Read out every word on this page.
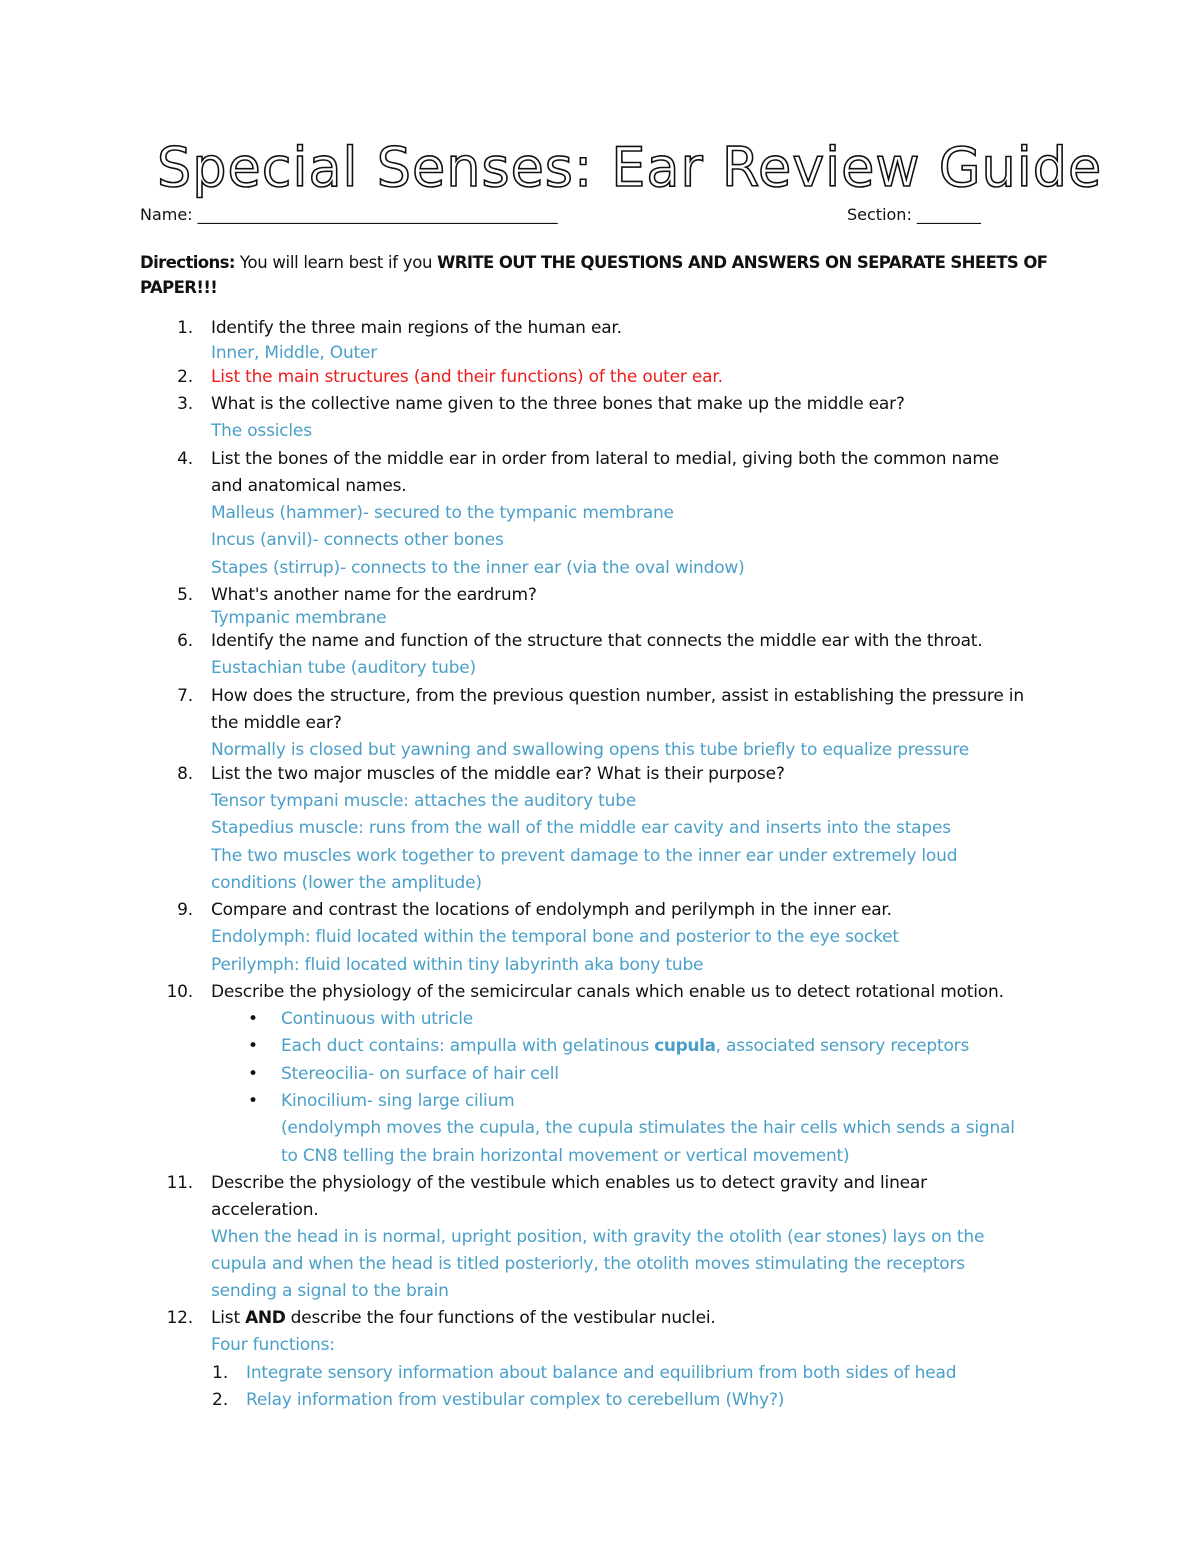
Special Senses: Ear Review Guide
Name: _____________________________________________	Section: ________
Directions: You will learn best if you WRITE OUT THE QUESTIONS AND ANSWERS ON SEPARATE SHEETS OF PAPER!!!
1. Identify the three main regions of the human ear.
Inner, Middle, Outer
2. List the main structures (and their functions) of the outer ear.
3. What is the collective name given to the three bones that make up the middle ear?
The ossicles
4. List the bones of the middle ear in order from lateral to medial, giving both the common name
and anatomical names.
Malleus (hammer)- secured to the tympanic membrane
Incus (anvil)- connects other bones
Stapes (stirrup)- connects to the inner ear (via the oval window)
5. What's another name for the eardrum?
Tympanic membrane
6. Identify the name and function of the structure that connects the middle ear with the throat.
Eustachian tube (auditory tube)
7. How does the structure, from the previous question number, assist in establishing the pressure in
the middle ear?
Normally is closed but yawning and swallowing opens this tube briefly to equalize pressure
8. List the two major muscles of the middle ear? What is their purpose?
Tensor tympani muscle: attaches the auditory tube
Stapedius muscle: runs from the wall of the middle ear cavity and inserts into the stapes
The two muscles work together to prevent damage to the inner ear under extremely loud
conditions (lower the amplitude)
9. Compare and contrast the locations of endolymph and perilymph in the inner ear.
Endolymph: fluid located within the temporal bone and posterior to the eye socket
Perilymph: fluid located within tiny labyrinth aka bony tube
10. Describe the physiology of the semicircular canals which enable us to detect rotational motion.
• Continuous with utricle
• Each duct contains: ampulla with gelatinous cupula, associated sensory receptors
• Stereocilia- on surface of hair cell
• Kinocilium- sing large cilium
(endolymph moves the cupula, the cupula stimulates the hair cells which sends a signal
to CN8 telling the brain horizontal movement or vertical movement)
11. Describe the physiology of the vestibule which enables us to detect gravity and linear
acceleration.
When the head in is normal, upright position, with gravity the otolith (ear stones) lays on the
cupula and when the head is titled posteriorly, the otolith moves stimulating the receptors
sending a signal to the brain
12. List AND describe the four functions of the vestibular nuclei.
Four functions:
1. Integrate sensory information about balance and equilibrium from both sides of head
2. Relay information from vestibular complex to cerebellum (Why?)
